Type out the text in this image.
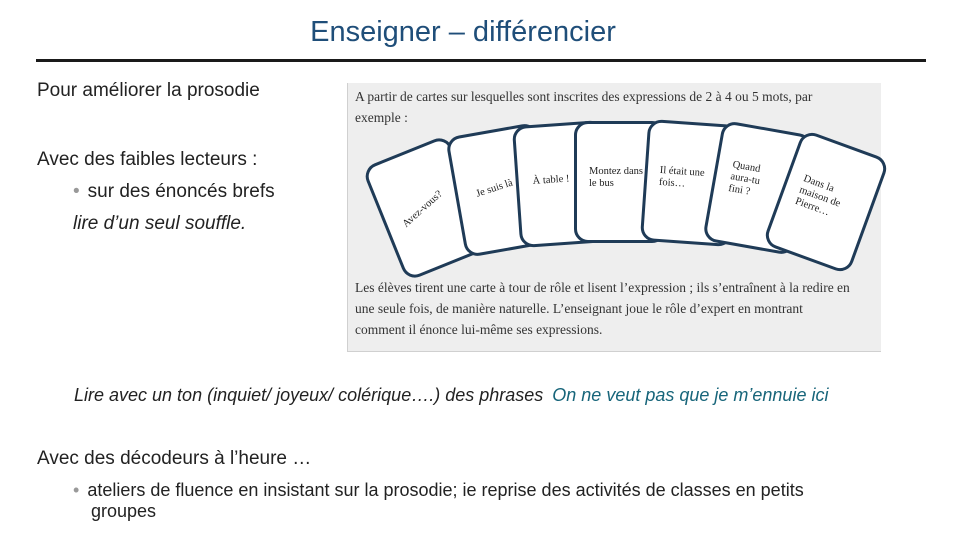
Enseigner – différencier
Pour améliorer la prosodie
Avec des faibles lecteurs :
• sur des énoncés brefs
lire d’un seul souffle.
A partir de cartes sur lesquelles sont inscrites des expressions de 2 à 4 ou 5 mots, par
exemple :
Avez-vous?
Je suis là À table !
Montez dans
le bus
Il était une
fois…
Quand
aura-tu
fini ?	Dans la
maison de
Pierre…
Les élèves tirent une carte à tour de rôle et lisent l’expression ; ils s’entraînent à la redire en
une seule fois, de manière naturelle. L’enseignant joue le rôle d’expert en montrant
comment il énonce lui-même ses expressions.
Lire avec un ton (inquiet/ joyeux/ colérique….) des phrases On ne veut pas que je m’ennuie ici
Avec des décodeurs à l’heure …
• ateliers de fluence en insistant sur la prosodie; ie reprise des activités de classes en petits
groupes
